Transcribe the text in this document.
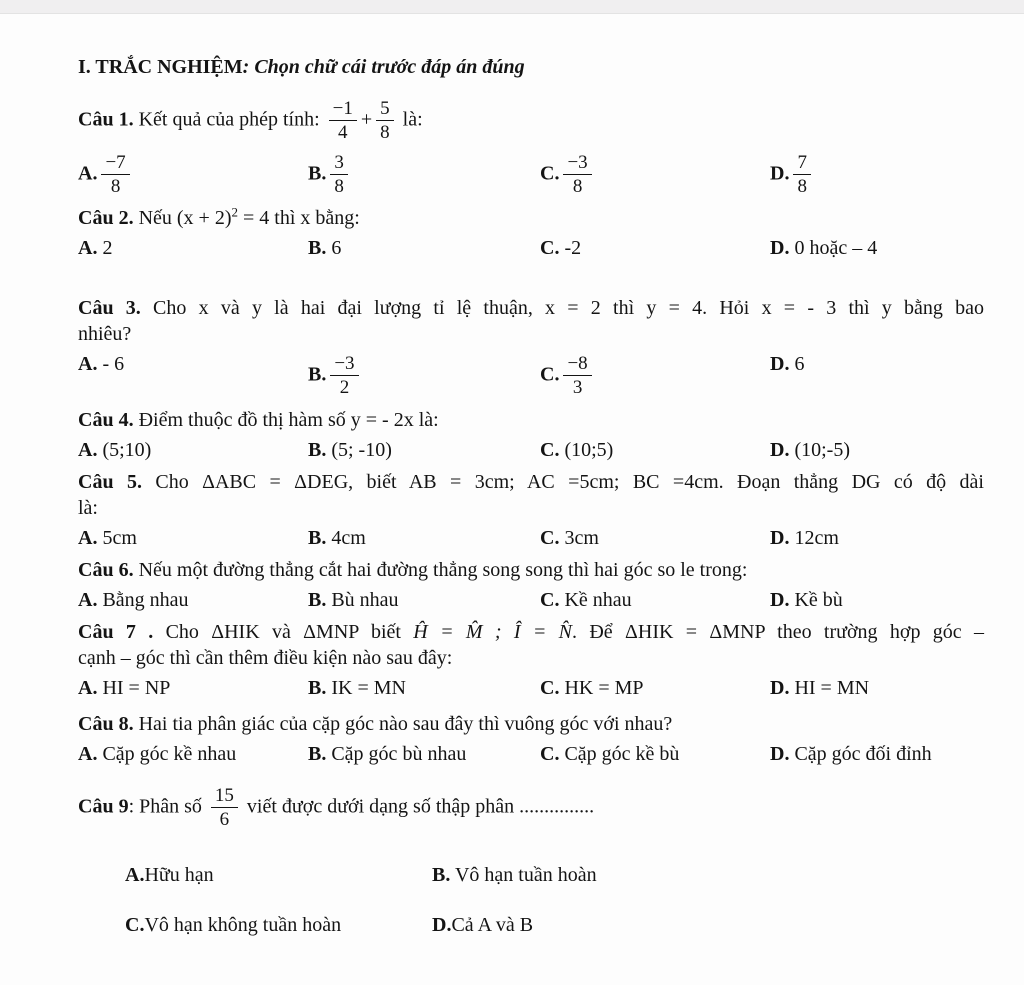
I. TRẮC NGHIỆM: Chọn chữ cái trước đáp án đúng
Câu 1. Kết quả của phép tính: $\frac{-1}{4} + \frac{5}{8}$ là:
A. $\frac{-7}{8}$	B. $\frac{3}{8}$	C. $\frac{-3}{8}$	D. $\frac{7}{8}$
Câu 2. Nếu $(x + 2)^2 = 4$ thì x bằng:
A. 2	B. 6	C. -2	D. 0 hoặc – 4
Câu 3. Cho x và y là hai đại lượng tỉ lệ thuận, x = 2 thì y = 4. Hỏi x = - 3 thì y bằng bao
nhiêu?
A. - 6	B. $\frac{-3}{2}$	C. $\frac{-8}{3}$	D. 6
Câu 4. Điểm thuộc đồ thị hàm số y = - 2x là:
A. (5;10)	B. (5; -10)	C. (10;5)	D. (10;-5)
Câu 5. Cho ΔABC = ΔDEG, biết AB = 3cm; AC =5cm; BC =4cm. Đoạn thẳng DG có độ dài
là:
A. 5cm	B. 4cm	C. 3cm	D. 12cm
Câu 6. Nếu một đường thẳng cắt hai đường thẳng song song thì hai góc so le trong:
A. Bằng nhau	B. Bù nhau	C. Kề nhau	D. Kề bù
Câu 7 . Cho ΔHIK và ΔMNP biết Ĥ = M̂ ; Î = N̂. Để ΔHIK = ΔMNP theo trường hợp góc –
cạnh – góc thì cần thêm điều kiện nào sau đây:
A. HI = NP	B. IK = MN	C. HK = MP	D. HI = MN
Câu 8. Hai tia phân giác của cặp góc nào sau đây thì vuông góc với nhau?
A. Cặp góc kề nhau	B. Cặp góc bù nhau	C. Cặp góc kề bù	D. Cặp góc đối đỉnh
Câu 9: Phân số $\frac{15}{6}$ viết được dưới dạng số thập phân ...............
A.Hữu hạn	B. Vô hạn tuần hoàn
C.Vô hạn không tuần hoàn	D.Cả A và B
